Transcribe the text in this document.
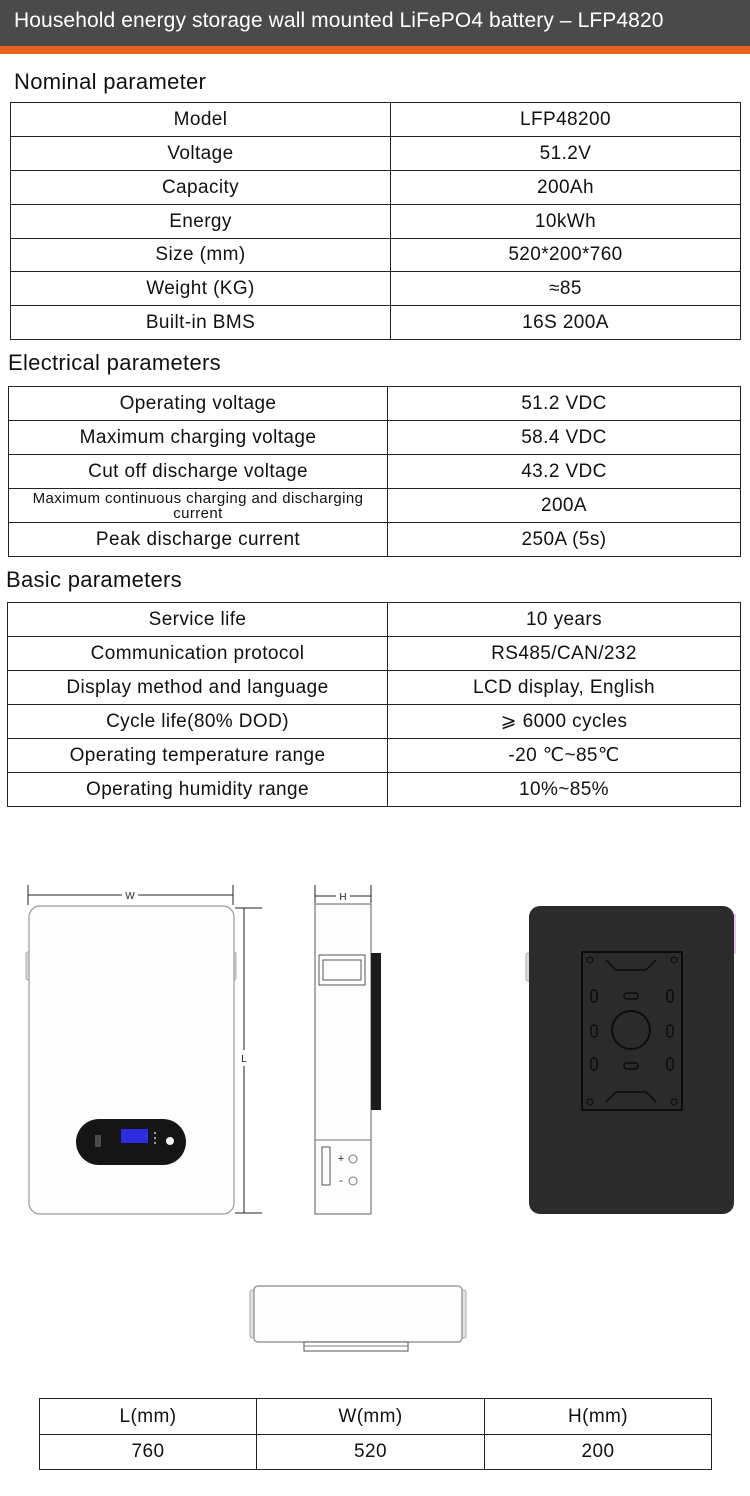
Household energy storage wall mounted LiFePO4 battery – LFP4820
Nominal parameter
Model	LFP48200
Voltage	51.2V
Capacity	200Ah
Energy	10kWh
Size (mm)	520*200*760
Weight (KG)	≈85
Built-in BMS	16S 200A
Electrical parameters
Operating voltage	51.2 VDC
Maximum charging voltage	58.4 VDC
Cut off discharge voltage	43.2 VDC
Maximum continuous charging and discharging current	200A
Peak discharge current	250A (5s)
Basic parameters
Service life	10 years
Communication protocol	RS485/CAN/232
Display method and language	LCD display, English
Cycle life(80% DOD)	⩾ 6000 cycles
Operating temperature range	-20 ℃~85℃
Operating humidity range	10%~85%
W
L
H
+
-
L(mm)	W(mm)	H(mm)
760	520	200
